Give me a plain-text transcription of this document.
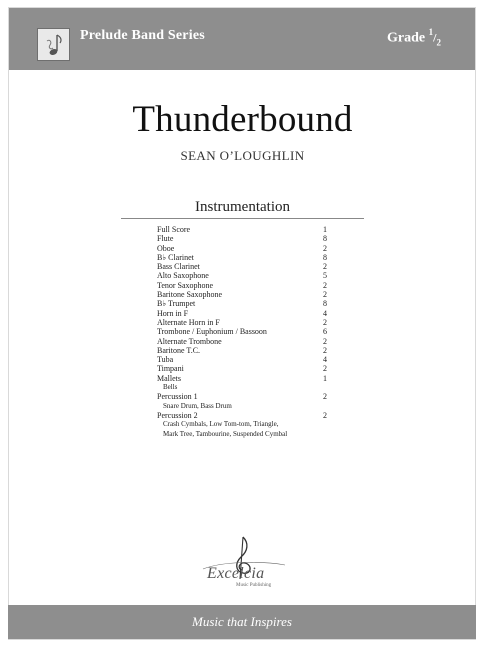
Prelude Band Series	Grade $^1/_2$
Thunderbound
SEAN O’LOUGHLIN
Instrumentation
Full Score	1
Flute	8
Oboe	2
B♭ Clarinet	8
Bass Clarinet	2
Alto Saxophone	5
Tenor Saxophone	2
Baritone Saxophone	2
B♭ Trumpet	8
Horn in F	4
Alternate Horn in F	2
Trombone / Euphonium / Bassoon	6
Alternate Trombone	2
Baritone T.C.	2
Tuba	4
Timpani	2
Mallets	1
Bells
Percussion 1	2
Snare Drum, Bass Drum
Percussion 2	2
Crash Cymbals, Low Tom-tom, Triangle,
Mark Tree, Tambourine, Suspended Cymbal
Excelcia
Music Publishing
Music that Inspires
